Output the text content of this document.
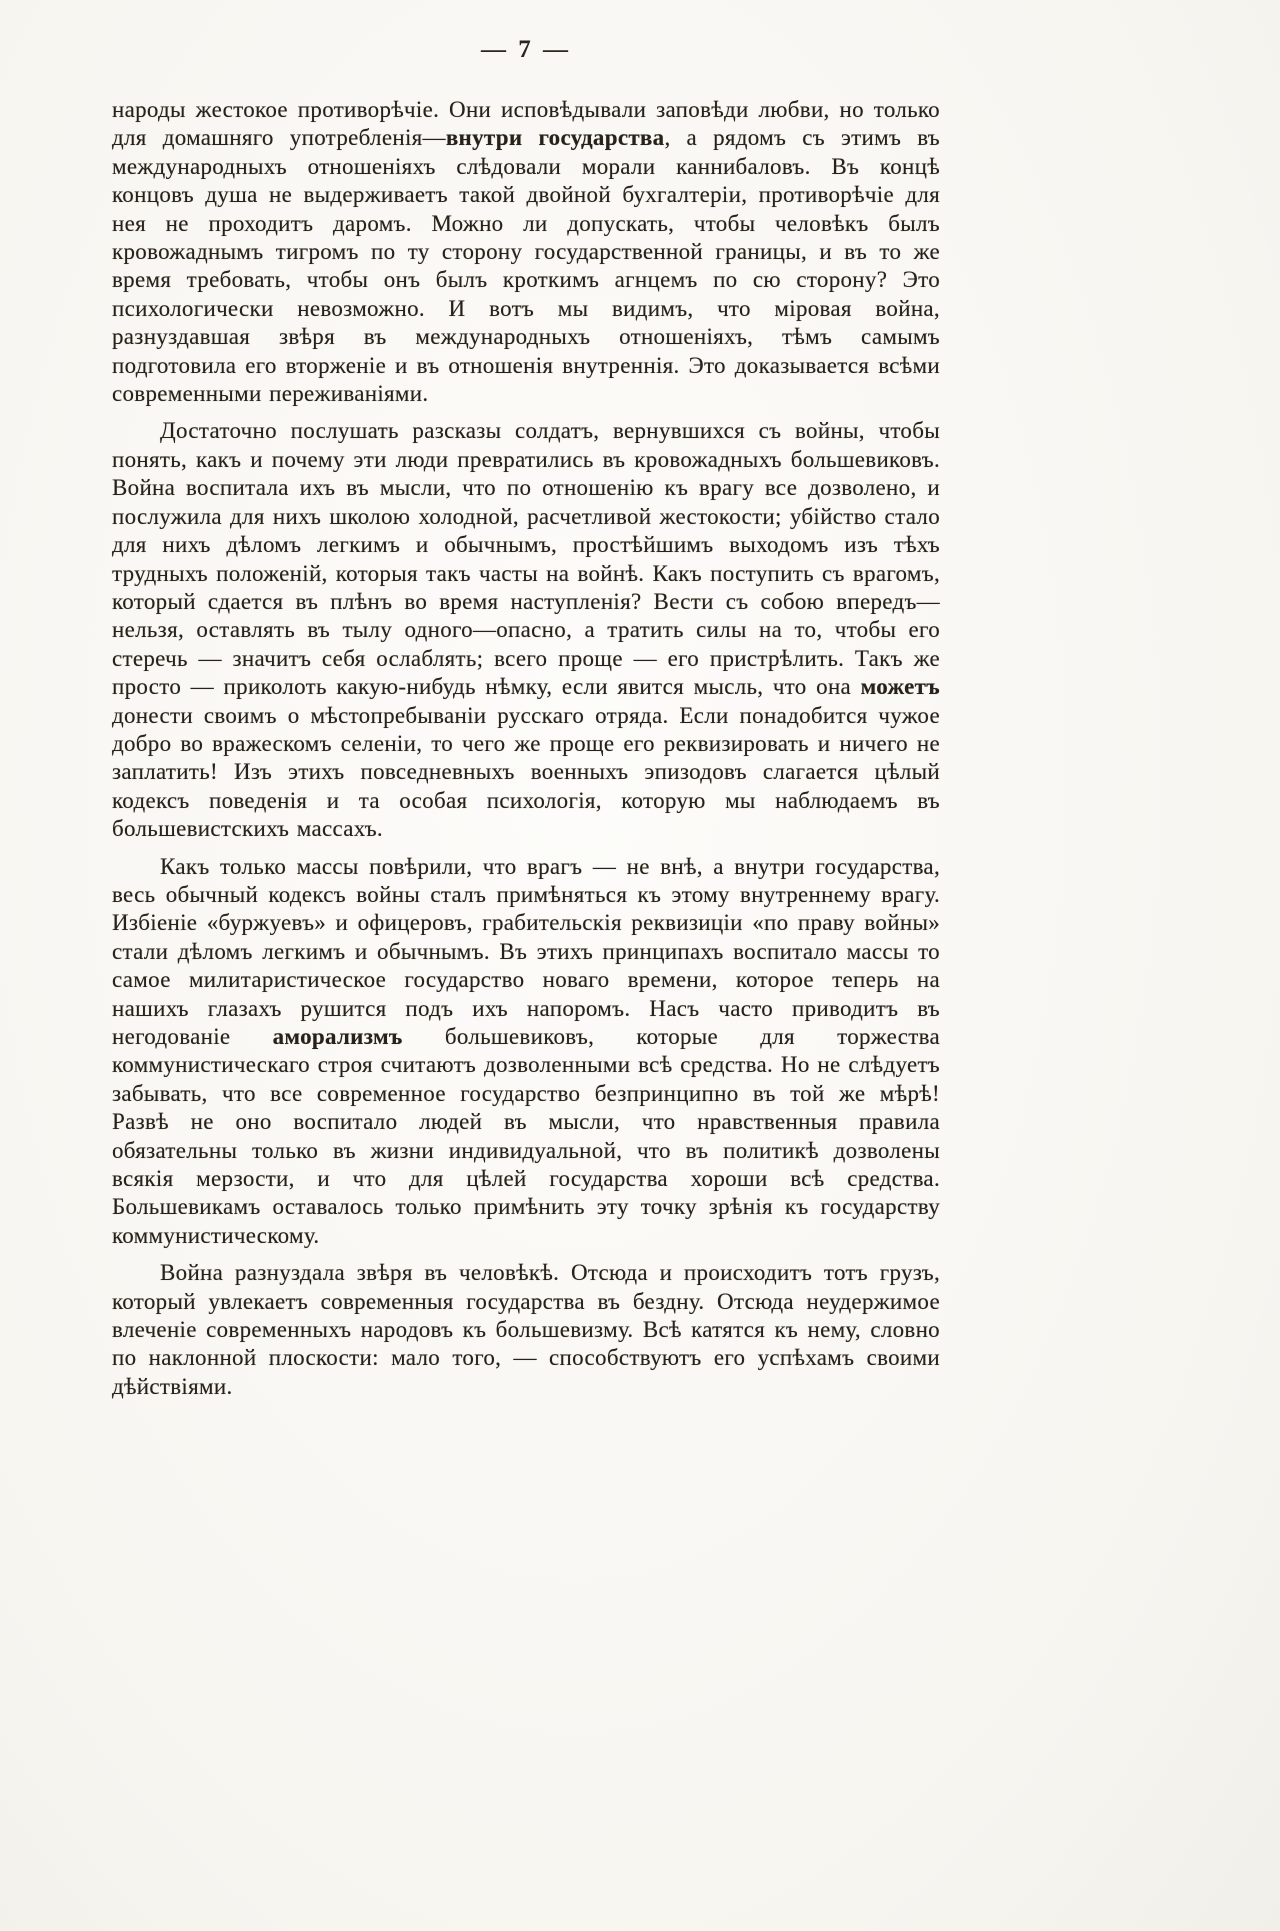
— 7 —

народы жестокое противорѣчіе. Они исповѣдывали заповѣди любви, но только для домашняго употребленія—внутри государства, а рядомъ съ этимъ въ международныхъ отношеніяхъ слѣдовали морали каннибаловъ. Въ концѣ концовъ душа не выдерживаетъ такой двойной бухгалтеріи, противорѣчіе для нея не проходитъ даромъ. Можно ли допускать, чтобы человѣкъ былъ кровожаднымъ тигромъ по ту сторону государственной границы, и въ то же время требовать, чтобы онъ былъ кроткимъ агнцемъ по сю сторону? Это психологически невозможно. И вотъ мы видимъ, что міровая война, разнуздавшая звѣря въ международныхъ отношеніяхъ, тѣмъ самымъ подготовила его вторженіе и въ отношенія внутреннія. Это доказывается всѣми современными переживаніями.

Достаточно послушать разсказы солдатъ, вернувшихся съ войны, чтобы понять, какъ и почему эти люди превратились въ кровожадныхъ большевиковъ. Война воспитала ихъ въ мысли, что по отношенію къ врагу все дозволено, и послужила для нихъ школою холодной, расчетливой жестокости; убійство стало для нихъ дѣломъ легкимъ и обычнымъ, простѣйшимъ выходомъ изъ тѣхъ трудныхъ положеній, которыя такъ часты на войнѣ. Какъ поступить съ врагомъ, который сдается въ плѣнъ во время наступленія? Вести съ собою впередъ—нельзя, оставлять въ тылу одного—опасно, а тратить силы на то, чтобы его стеречь — значитъ себя ослаблять; всего проще — его пристрѣлить. Такъ же просто — приколоть какую-нибудь нѣмку, если явится мысль, что она можетъ донести своимъ о мѣстопребываніи русскаго отряда. Если понадобится чужое добро во вражескомъ селеніи, то чего же проще его реквизировать и ничего не заплатить! Изъ этихъ повседневныхъ военныхъ эпизодовъ слагается цѣлый кодексъ поведенія и та особая психологія, которую мы наблюдаемъ въ большевистскихъ массахъ.

Какъ только массы повѣрили, что врагъ — не внѣ, а внутри государства, весь обычный кодексъ войны сталъ примѣняться къ этому внутреннему врагу. Избіеніе «буржуевъ» и офицеровъ, грабительскія реквизиціи «по праву войны» стали дѣломъ легкимъ и обычнымъ. Въ этихъ принципахъ воспитало массы то самое милитаристическое государство новаго времени, которое теперь на нашихъ глазахъ рушится подъ ихъ напоромъ. Насъ часто приводитъ въ негодованіе аморализмъ большевиковъ, которые для торжества коммунистическаго строя считаютъ дозволенными всѣ средства. Но не слѣдуетъ забывать, что все современное государство безпринципно въ той же мѣрѣ! Развѣ не оно воспитало людей въ мысли, что нравственныя правила обязательны только въ жизни индивидуальной, что въ политикѣ дозволены всякія мерзости, и что для цѣлей государства хороши всѣ средства. Большевикамъ оставалось только примѣнить эту точку зрѣнія къ государству коммунистическому.

Война разнуздала звѣря въ человѣкѣ. Отсюда и происходитъ тотъ грузъ, который увлекаетъ современныя государства въ бездну. Отсюда неудержимое влеченіе современныхъ народовъ къ большевизму. Всѣ катятся къ нему, словно по наклонной плоскости: мало того, — способствуютъ его успѣхамъ своими дѣйствіями.
